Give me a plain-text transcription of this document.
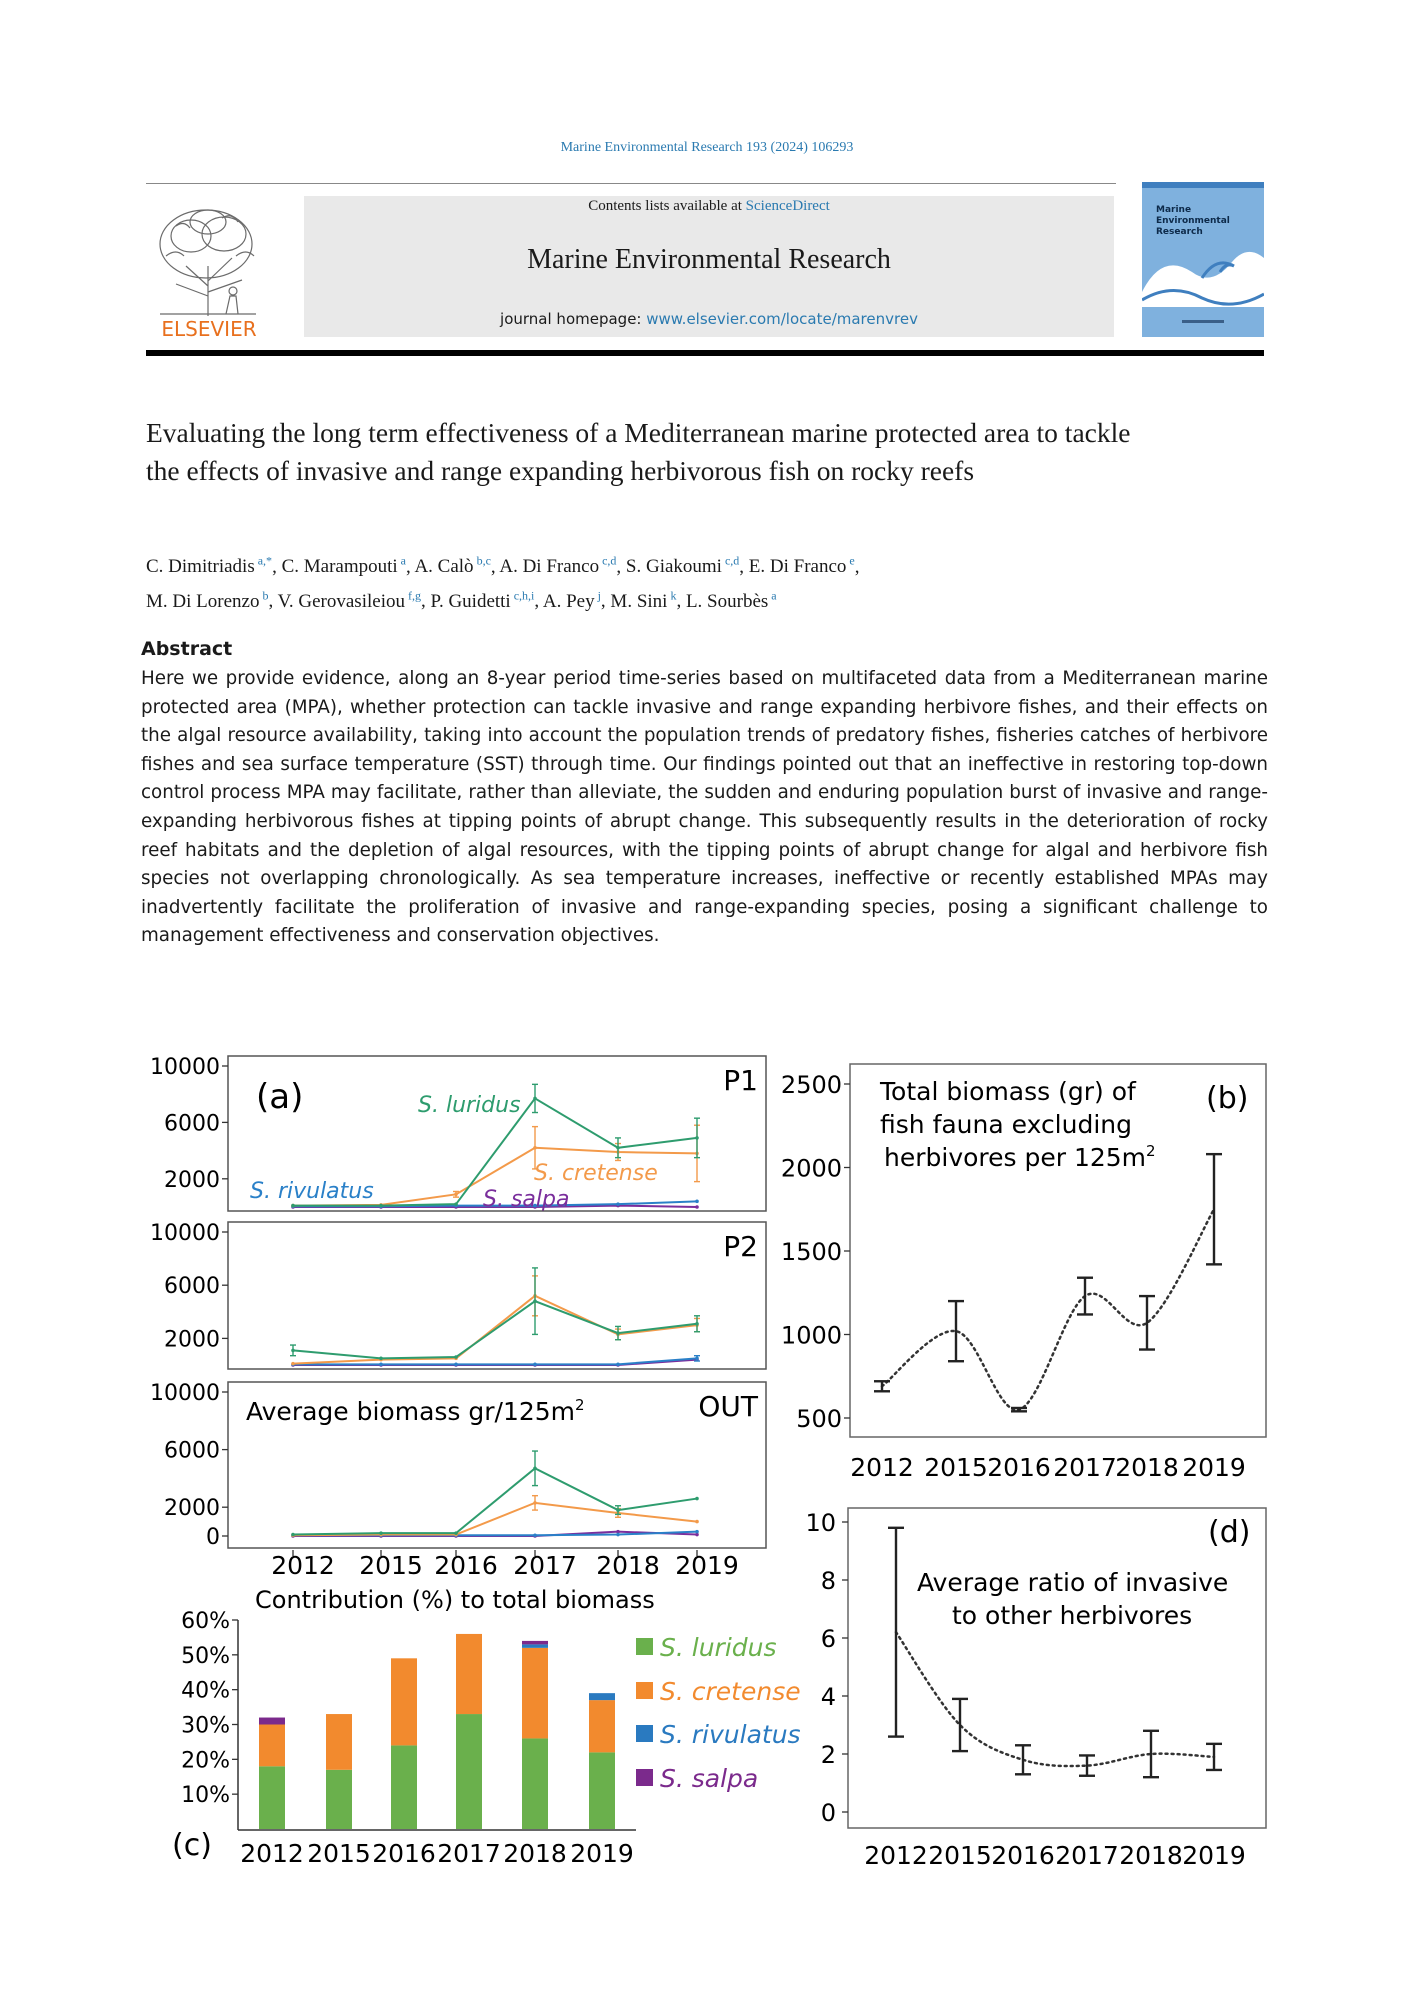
Marine Environmental Research 193 (2024) 106293
ELSEVIER
Contents lists available at ScienceDirect
Marine Environmental Research
journal homepage: www.elsevier.com/locate/marenvrev
Marine
Environmental
Research
Evaluating the long term effectiveness of a Mediterranean marine protected area to tackle the effects of invasive and range expanding herbivorous fish on rocky reefs
C. Dimitriadis $^{a,*}$, C. Marampouti $^a$, A. Calò $^{b,c}$, A. Di Franco $^{c,d}$, S. Giakoumi $^{c,d}$, E. Di Franco $^e$,
M. Di Lorenzo $^b$, V. Gerovasileiou $^{f,g}$, P. Guidetti $^{c,h,i}$, A. Pey $^j$, M. Sini $^k$, L. Sourbès $^a$
Abstract
Here we provide evidence, along an 8-year period time-series based on multifaceted data from a Mediterranean marine protected area (MPA), whether protection can tackle invasive and range expanding herbivore fishes, and their effects on the algal resource availability, taking into account the population trends of predatory fishes, fisheries catches of herbivore fishes and sea surface temperature (SST) through time. Our findings pointed out that an ineffective in restoring top-down control process MPA may facilitate, rather than alleviate, the sudden and enduring population burst of invasive and range-expanding herbivorous fishes at tipping points of abrupt change. This subsequently results in the deterioration of rocky reef habitats and the depletion of algal resources, with the tipping points of abrupt change for algal and herbivore fish species not overlapping chronologically. As sea temperature increases, ineffective or recently established MPAs may inadvertently facilitate the proliferation of invasive and range-expanding species, posing a significant challenge to management effectiveness and conservation objectives.
2000
6000
10000	P1
2000
6000
10000	P2
0
2000
6000
10000	OUT
2012 2015 2016 2017 2018 2019
(a)	S. luridus
S. cretense
S. rivulatus	S. salpa
Average biomass $gr/125m^2$
Total biomass (gr) of
fish fauna excluding
herbivores per $125m^2$
(b)
500
1000
1500
2000
2500
2012 2015 2016 2017
2018 2019
Contribution (%) to total biomass
(c)
10%
20%
30%
40%
50%
60%
2012 2015 2016 2017 2018 2019
S. luridus
S. cretense
S. rivulatus
S. salpa
Average ratio of invasive
to other herbivores
(d)
0
2
4
6
8
10
2012 2015 2016 2017 2018 2019
